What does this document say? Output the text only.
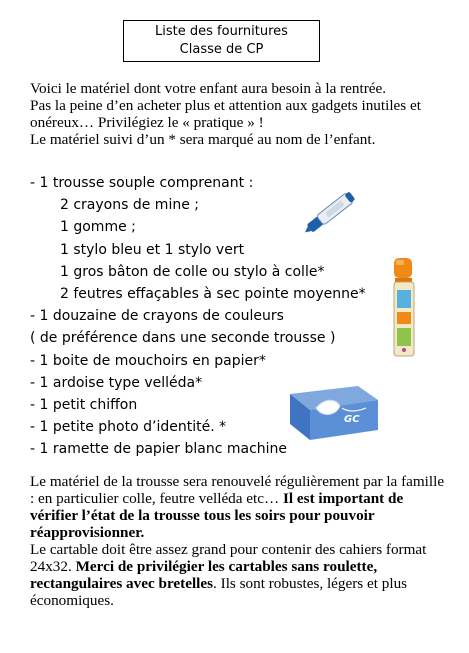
Liste des fournitures
Classe de CP
Voici le matériel dont votre enfant aura besoin à la rentrée.
Pas la peine d’en acheter plus et attention aux gadgets inutiles et onéreux… Privilégiez le « pratique » !
Le matériel suivi d’un * sera marqué au nom de l’enfant.
- 1 trousse souple comprenant :
2 crayons de mine ;
1 gomme ;
1 stylo bleu et 1 stylo vert
1 gros bâton de colle ou stylo à colle*
2 feutres effaçables à sec pointe moyenne*
- 1 douzaine de crayons de couleurs
( de préférence dans une seconde trousse )
- 1 boite de mouchoirs en papier*
- 1 ardoise type velléda*
- 1 petit chiffon
- 1 petite photo d’identité. *
- 1 ramette de papier blanc machine
GC
Le matériel de la trousse sera renouvelé régulièrement par la famille : en particulier colle, feutre velléda etc… Il est important de vérifier l’état de la trousse tous les soirs pour pouvoir réapprovisionner.
Le cartable doit être assez grand pour contenir des cahiers format 24x32. Merci de privilégier les cartables sans roulette, rectangulaires avec bretelles. Ils sont robustes, légers et plus économiques.
